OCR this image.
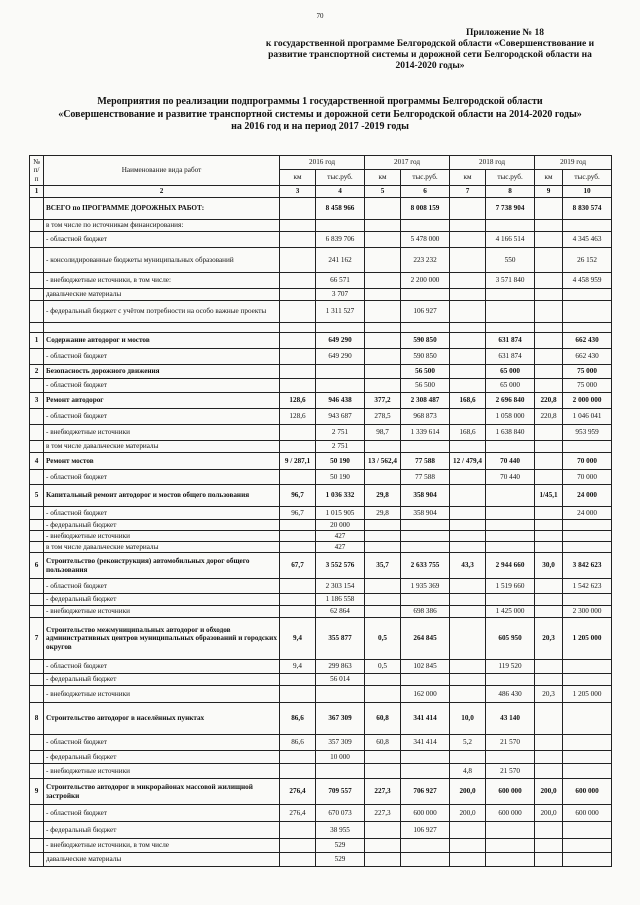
70
Приложение № 18
к государственной программе Белгородской области «Совершенствование и
развитие транспортной системы и дорожной сети Белгородской области на
2014-2020 годы»
Мероприятия по реализации подпрограммы 1 государственной программы Белгородской области
«Совершенствование и развитие транспортной системы и дорожной сети Белгородской области на 2014-2020 годы»
на 2016 год и на период 2017 -2019 годы
№ п/п	Наименование вида работ	2016 год		2017 год		2018 год		2019 год	
		км	тыс.руб.	км	тыс.руб.	км	тыс.руб.	км	тыс.руб.
1	2	3	4	5	6	7	8	9	10
	ВСЕГО по ПРОГРАММЕ ДОРОЖНЫХ РАБОТ:		8 458 966		8 008 159		7 738 904		8 830 574
	в том числе по источникам финансирования:								
	- областной бюджет		6 839 706		5 478 000		4 166 514		4 345 463
	- консолидированные бюджеты муниципальных образований		241 162		223 232		550		26 152
	- внебюджетные источники, в том числе:		66 571		2 200 000		3 571 840		4 458 959
	давальческие материалы		3 707						
	- федеральный бюджет с учётом потребности на особо важные проекты		1 311 527		106 927				

1	Содержание автодорог и мостов		649 290		590 850		631 874		662 430
	- областной бюджет		649 290		590 850		631 874		662 430
2	Безопасность дорожного движения				56 500		65 000		75 000
	- областной бюджет				56 500		65 000		75 000
3	Ремонт автодорог	128,6	946 438	377,2	2 308 487	168,6	2 696 840	220,8	2 000 000
	- областной бюджет	128,6	943 687	278,5	968 873		1 058 000	220,8	1 046 041
	- внебюджетные источники		2 751	98,7	1 339 614	168,6	1 638 840		953 959
	в том числе давальческие материалы		2 751						
4	Ремонт мостов	9 / 287,1	50 190	13 / 562,4	77 588	12 / 479,4	70 440		70 000
	- областной бюджет		50 190		77 588		70 440		70 000
5	Капитальный ремонт автодорог и мостов общего пользования	96,7	1 036 332	29,8	358 904			1/45,1	24 000
	- областной бюджет	96,7	1 015 905	29,8	358 904				24 000
	- федеральный бюджет		20 000						
	- внебюджетные источники		427						
	в том числе давальческие материалы		427						
6	Строительство (реконструкция) автомобильных дорог общего пользования	67,7	3 552 576	35,7	2 633 755	43,3	2 944 660	30,0	3 842 623
	- областной бюджет		2 303 154		1 935 369		1 519 660		1 542 623
	- федеральный бюджет		1 186 558						
	- внебюджетные источники		62 864		698 386		1 425 000		2 300 000
7	Строительство межмуниципальных автодорог и обходов административных центров муниципальных образований и городских округов	9,4	355 877	0,5	264 845		605 950	20,3	1 205 000
	- областной бюджет	9,4	299 863	0,5	102 845		119 520		
	- федеральный бюджет		56 014						
	- внебюджетные источники				162 000		486 430	20,3	1 205 000
8	Строительство автодорог в населённых пунктах	86,6	367 309	60,8	341 414	10,0	43 140		
	- областной бюджет	86,6	357 309	60,8	341 414	5,2	21 570		
	- федеральный бюджет		10 000						
	- внебюджетные источники					4,8	21 570		
9	Строительство автодорог в микрорайонах массовой жилищной застройки	276,4	709 557	227,3	706 927	200,0	600 000	200,0	600 000
	- областной бюджет	276,4	670 073	227,3	600 000	200,0	600 000	200,0	600 000
	- федеральный бюджет		38 955		106 927				
	- внебюджетные источники, в том числе		529						
	давальческие материалы		529						
